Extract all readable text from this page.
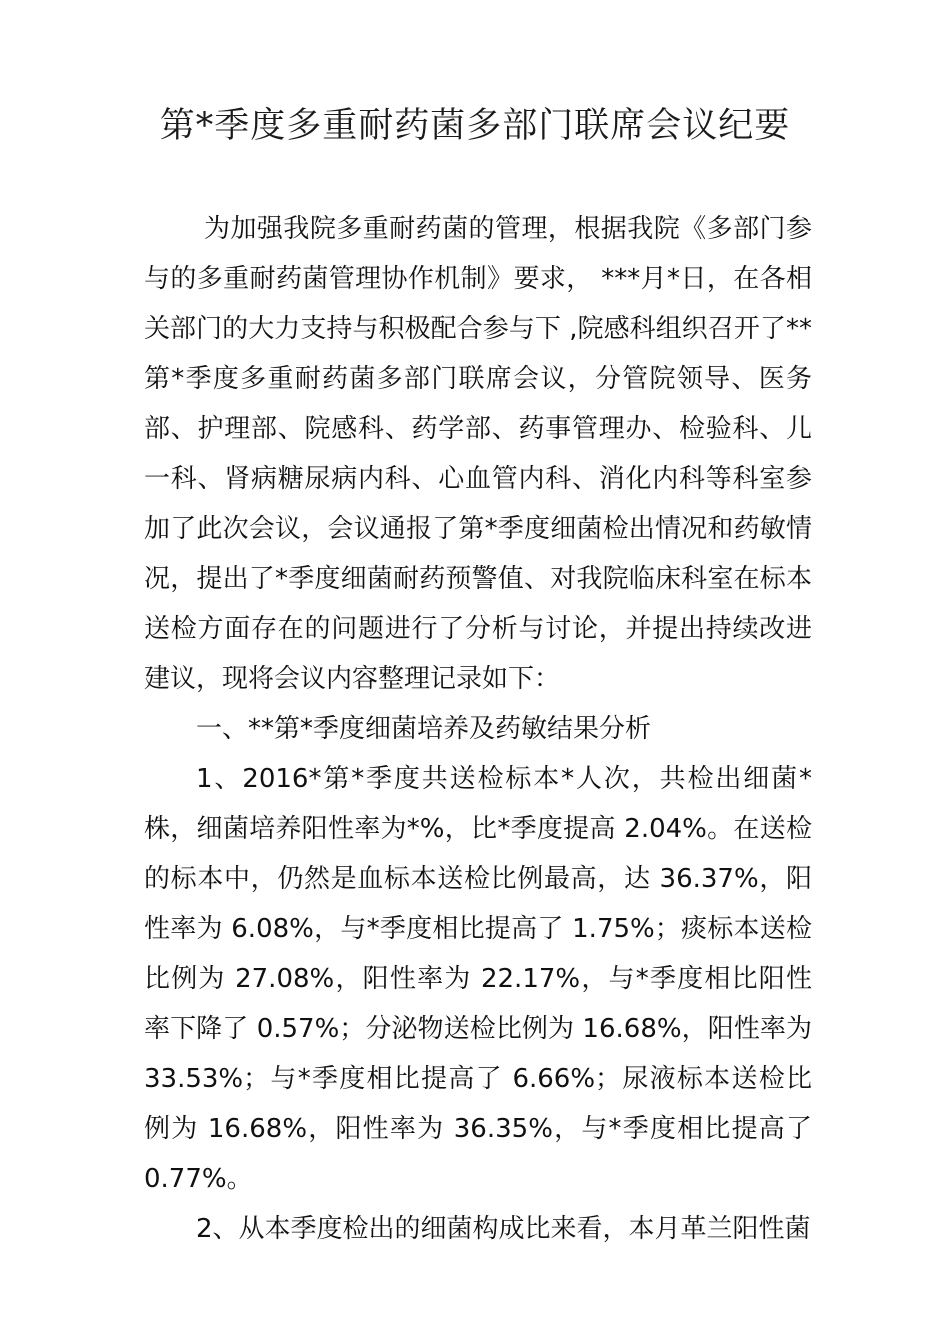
第*季度多重耐药菌多部门联席会议纪要

为加强我院多重耐药菌的管理，根据我院《多部门参与的多重耐药菌管理协作机制》要求， ***月*日，在各相关部门的大力支持与积极配合参与下 ,院感科组织召开了**第*季度多重耐药菌多部门联席会议，分管院领导、医务部、护理部、院感科、药学部、药事管理办、检验科、儿一科、肾病糖尿病内科、心血管内科、消化内科等科室参加了此次会议，会议通报了第*季度细菌检出情况和药敏情况，提出了*季度细菌耐药预警值、对我院临床科室在标本送检方面存在的问题进行了分析与讨论，并提出持续改进建议，现将会议内容整理记录如下：

一、**第*季度细菌培养及药敏结果分析

1、2016*第*季度共送检标本*人次，共检出细菌*株，细菌培养阳性率为*%，比*季度提高 2.04%。在送检的标本中，仍然是血标本送检比例最高，达 36.37%，阳性率为 6.08%，与*季度相比提高了 1.75%；痰标本送检比例为 27.08%，阳性率为 22.17%，与*季度相比阳性率下降了 0.57%；分泌物送检比例为 16.68%，阳性率为 33.53%；与*季度相比提高了 6.66%；尿液标本送检比例为 16.68%，阳性率为 36.35%，与*季度相比提高了 0.77%。

2、从本季度检出的细菌构成比来看，本月革兰阳性菌
